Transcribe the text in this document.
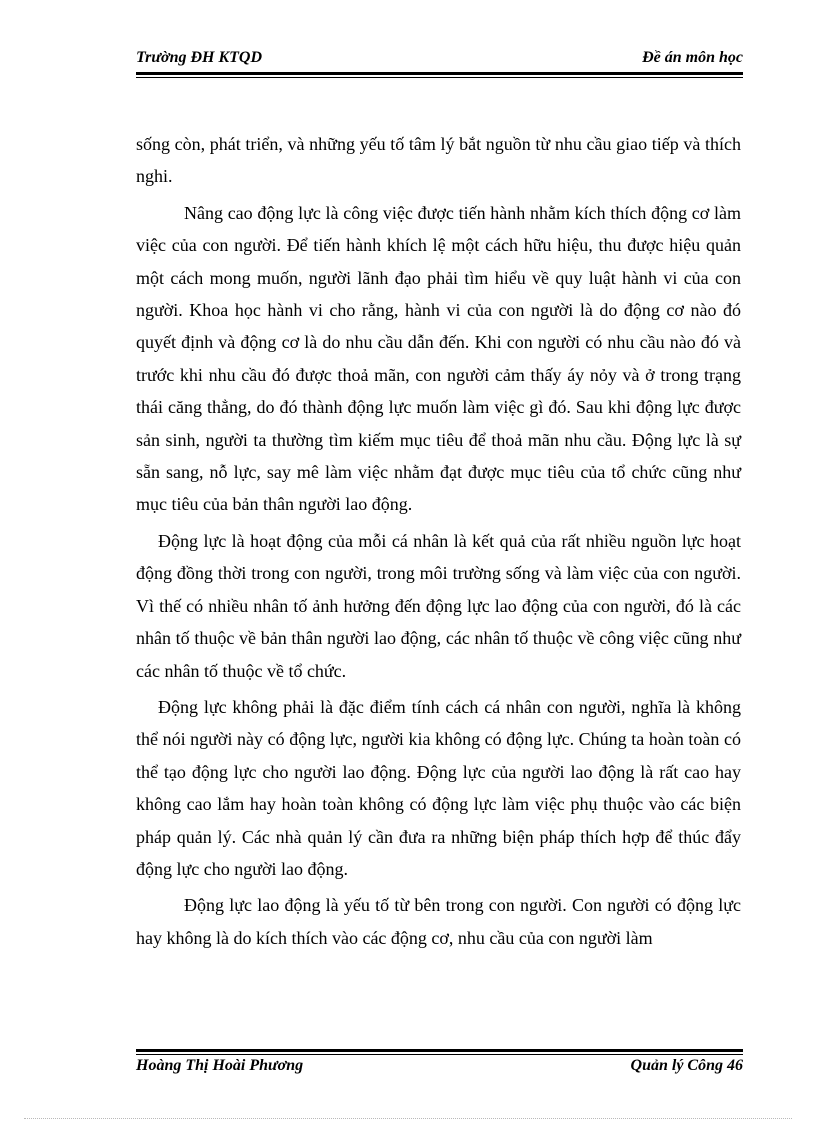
Trường ĐH KTQD	Đề án môn học

sống còn, phát triển, và những yếu tố tâm lý bắt nguồn từ nhu cầu giao tiếp và thích nghi.

Nâng cao động lực là công việc được tiến hành nhằm kích thích động cơ làm việc của con người. Để tiến hành khích lệ một cách hữu hiệu, thu được hiệu quản một cách mong muốn, người lãnh đạo phải tìm hiểu về quy luật hành vi của con người. Khoa học hành vi cho rằng, hành vi của con người là do động cơ nào đó quyết định và động cơ là do nhu cầu dẫn đến. Khi con người có nhu cầu nào đó và trước khi nhu cầu đó được thoả mãn, con người cảm thấy áy nỏy và ở trong trạng thái căng thẳng, do đó thành động lực muốn làm việc gì đó. Sau khi động lực được sản sinh, người ta thường tìm kiếm mục tiêu để thoả mãn nhu cầu. Động lực là sự sẵn sang, nỗ lực, say mê làm việc nhằm đạt được mục tiêu của tổ chức cũng như mục tiêu của bản thân người lao động.

Động lực là hoạt động của mỗi cá nhân là kết quả của rất nhiều nguồn lực hoạt động đồng thời trong con người, trong môi trường sống và làm việc của con người. Vì thế có nhiều nhân tố ảnh hưởng đến động lực lao động của con người, đó là các nhân tố thuộc về bản thân người lao động, các nhân tố thuộc về công việc cũng như các nhân tố thuộc về tổ chức.

Động lực không phải là đặc điểm tính cách cá nhân con người, nghĩa là không thể nói người này có động lực, người kia không có động lực. Chúng ta hoàn toàn có thể tạo động lực cho người lao động. Động lực của người lao động là rất cao hay không cao lắm hay hoàn toàn không có động lực làm việc phụ thuộc vào các biện pháp quản lý. Các nhà quản lý cần đưa ra những biện pháp thích hợp để thúc đẩy động lực cho người lao động.

Động lực lao động là yếu tố từ bên trong con người. Con người có động lực hay không là do kích thích vào các động cơ, nhu cầu của con người làm

Hoàng Thị Hoài Phương	Quản lý Công 46
